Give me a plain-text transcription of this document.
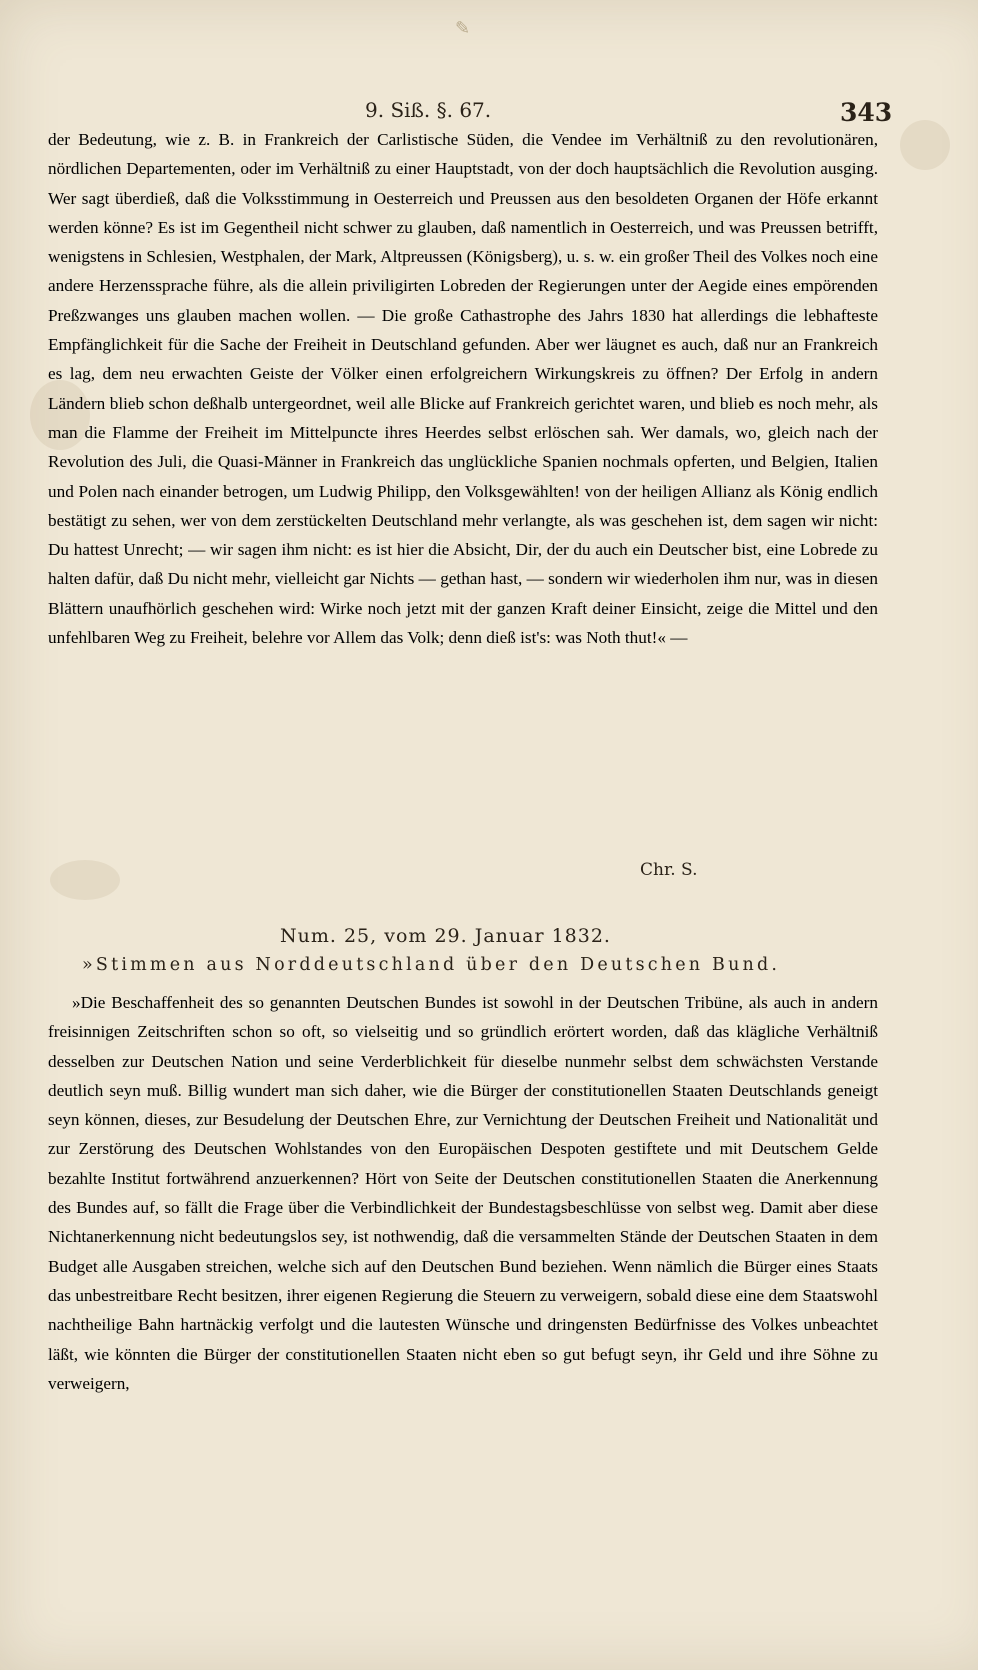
✎
9. Siß. §. 67.	343

der Bedeutung, wie z. B. in Frankreich der Carlistische Süden, die Vendee im Verhältniß zu den revolutionären, nördlichen Departementen, oder im Verhältniß zu einer Hauptstadt, von der doch hauptsächlich die Revolution ausging. Wer sagt überdieß, daß die Volksstimmung in Oesterreich und Preussen aus den besoldeten Organen der Höfe erkannt werden könne? Es ist im Gegentheil nicht schwer zu glauben, daß namentlich in Oesterreich, und was Preussen betrifft, wenigstens in Schlesien, Westphalen, der Mark, Altpreussen (Königsberg), u. s. w. ein großer Theil des Volkes noch eine andere Herzenssprache führe, als die allein priviligirten Lobreden der Regierungen unter der Aegide eines empörenden Preßzwanges uns glauben machen wollen. — Die große Cathastrophe des Jahrs 1830 hat allerdings die lebhafteste Empfänglichkeit für die Sache der Freiheit in Deutschland gefunden. Aber wer läugnet es auch, daß nur an Frankreich es lag, dem neu erwachten Geiste der Völker einen erfolgreichern Wirkungskreis zu öffnen? Der Erfolg in andern Ländern blieb schon deßhalb untergeordnet, weil alle Blicke auf Frankreich gerichtet waren, und blieb es noch mehr, als man die Flamme der Freiheit im Mittelpuncte ihres Heerdes selbst erlöschen sah. Wer damals, wo, gleich nach der Revolution des Juli, die Quasi-Männer in Frankreich das unglückliche Spanien nochmals opferten, und Belgien, Italien und Polen nach einander betrogen, um Ludwig Philipp, den Volksgewählten! von der heiligen Allianz als König endlich bestätigt zu sehen, wer von dem zerstückelten Deutschland mehr verlangte, als was geschehen ist, dem sagen wir nicht: Du hattest Unrecht; — wir sagen ihm nicht: es ist hier die Absicht, Dir, der du auch ein Deutscher bist, eine Lobrede zu halten dafür, daß Du nicht mehr, vielleicht gar Nichts — gethan hast, — sondern wir wiederholen ihm nur, was in diesen Blättern unaufhörlich geschehen wird: Wirke noch jetzt mit der ganzen Kraft deiner Einsicht, zeige die Mittel und den unfehlbaren Weg zu Freiheit, belehre vor Allem das Volk; denn dieß ist's: was Noth thut!« —

Chr. S.
Num. 25, vom 29. Januar 1832.
»Stimmen aus Norddeutschland über den Deutschen Bund.

»Die Beschaffenheit des so genannten Deutschen Bundes ist sowohl in der Deutschen Tribüne, als auch in andern freisinnigen Zeitschriften schon so oft, so vielseitig und so gründlich erörtert worden, daß das klägliche Verhältniß desselben zur Deutschen Nation und seine Verderblichkeit für dieselbe nunmehr selbst dem schwächsten Verstande deutlich seyn muß. Billig wundert man sich daher, wie die Bürger der constitutionellen Staaten Deutschlands geneigt seyn können, dieses, zur Besudelung der Deutschen Ehre, zur Vernichtung der Deutschen Freiheit und Nationalität und zur Zerstörung des Deutschen Wohlstandes von den Europäischen Despoten gestiftete und mit Deutschem Gelde bezahlte Institut fortwährend anzuerkennen? Hört von Seite der Deutschen constitutionellen Staaten die Anerkennung des Bundes auf, so fällt die Frage über die Verbindlichkeit der Bundestagsbeschlüsse von selbst weg. Damit aber diese Nichtanerkennung nicht bedeutungslos sey, ist nothwendig, daß die versammelten Stände der Deutschen Staaten in dem Budget alle Ausgaben streichen, welche sich auf den Deutschen Bund beziehen. Wenn nämlich die Bürger eines Staats das unbestreitbare Recht besitzen, ihrer eigenen Regierung die Steuern zu verweigern, sobald diese eine dem Staatswohl nachtheilige Bahn hartnäckig verfolgt und die lautesten Wünsche und dringensten Bedürfnisse des Volkes unbeachtet läßt, wie könnten die Bürger der constitutionellen Staaten nicht eben so gut befugt seyn, ihr Geld und ihre Söhne zu verweigern,
